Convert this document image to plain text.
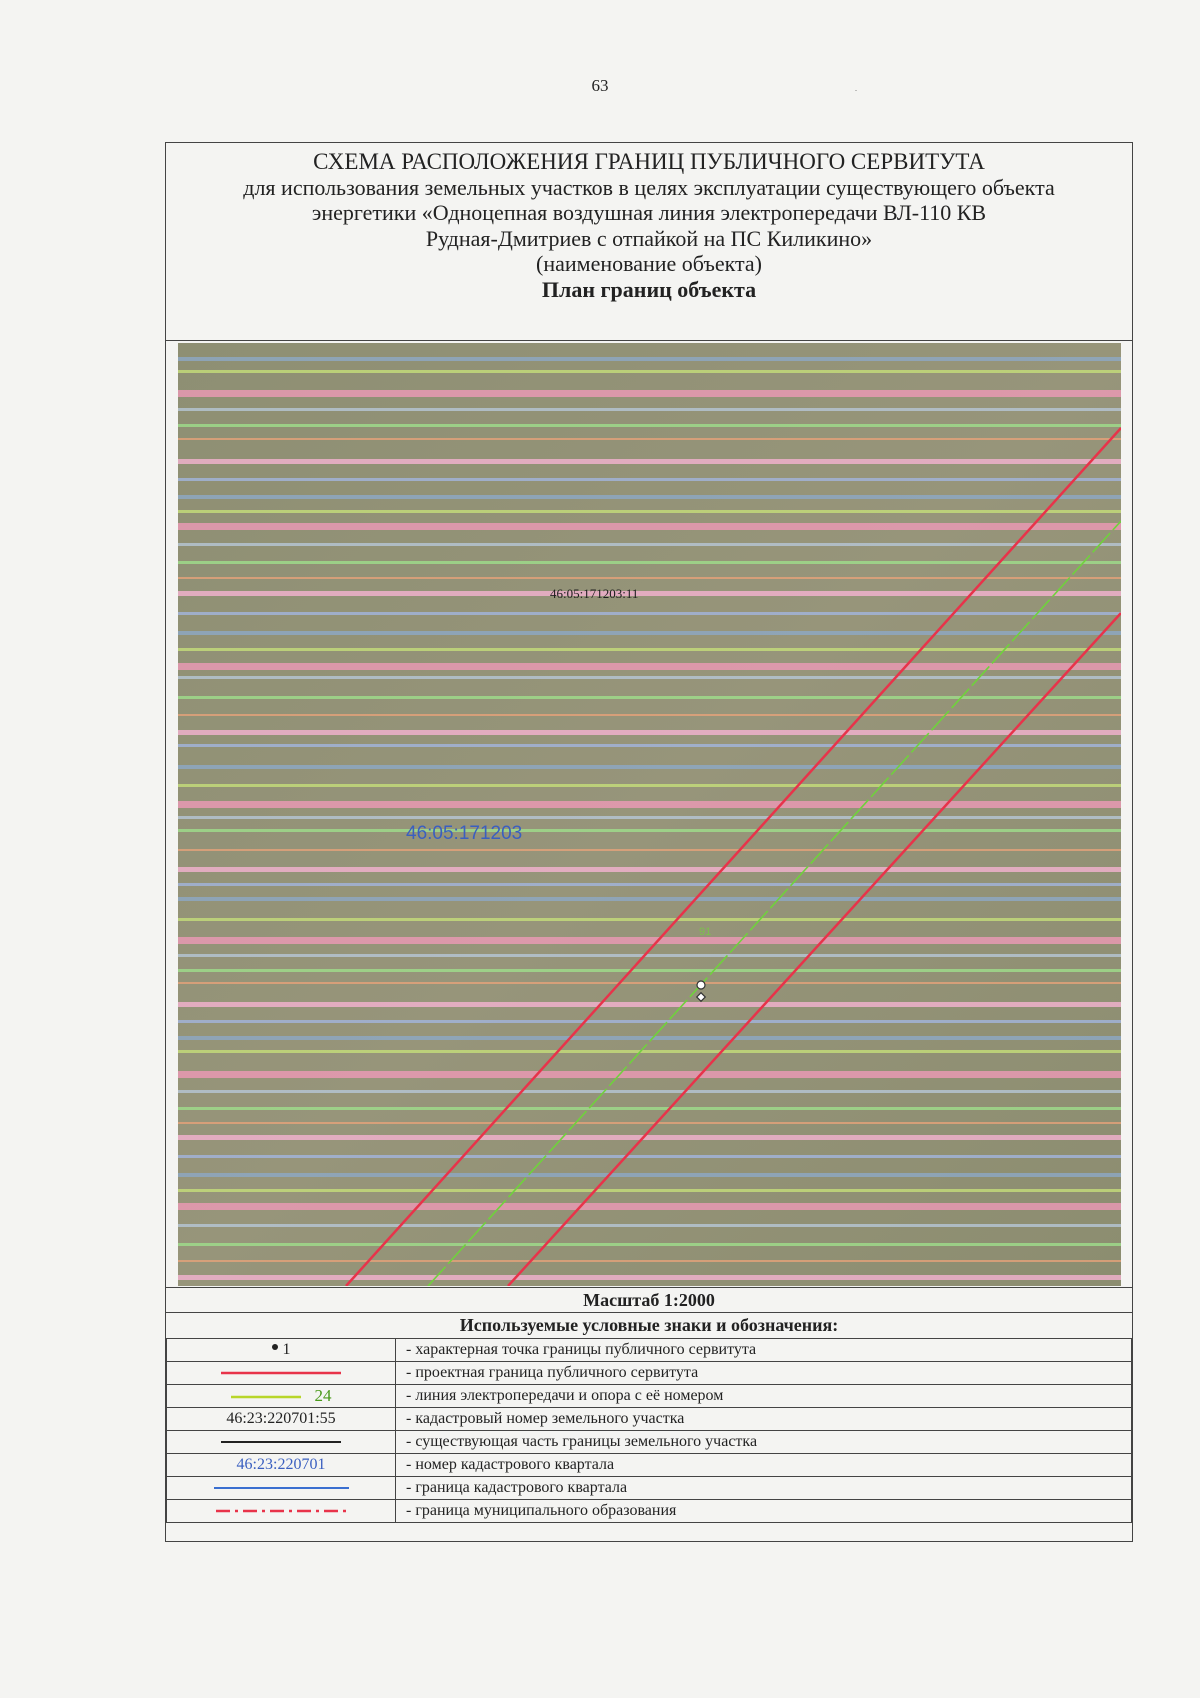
63	.
СХЕМА РАСПОЛОЖЕНИЯ ГРАНИЦ ПУБЛИЧНОГО СЕРВИТУТА
для использования земельных участков в целях эксплуатации существующего объекта
энергетики «Одноцепная воздушная линия электропередачи ВЛ-110 КВ
Рудная-Дмитриев с отпайкой на ПС Киликино»
(наименование объекта)
План границ объекта
91
46:05:171203:11
46:05:171203
Масштаб 1:2000
Используемые условные знаки и обозначения:
1	- характерная точка границы публичного сервитута
	- проектная граница публичного сервитута
24	- линия электропередачи и опора с её номером
46:23:220701:55	- кадастровый номер земельного участка
	- существующая часть границы земельного участка
46:23:220701	- номер кадастрового квартала
	- граница кадастрового квартала
	- граница муниципального образования
